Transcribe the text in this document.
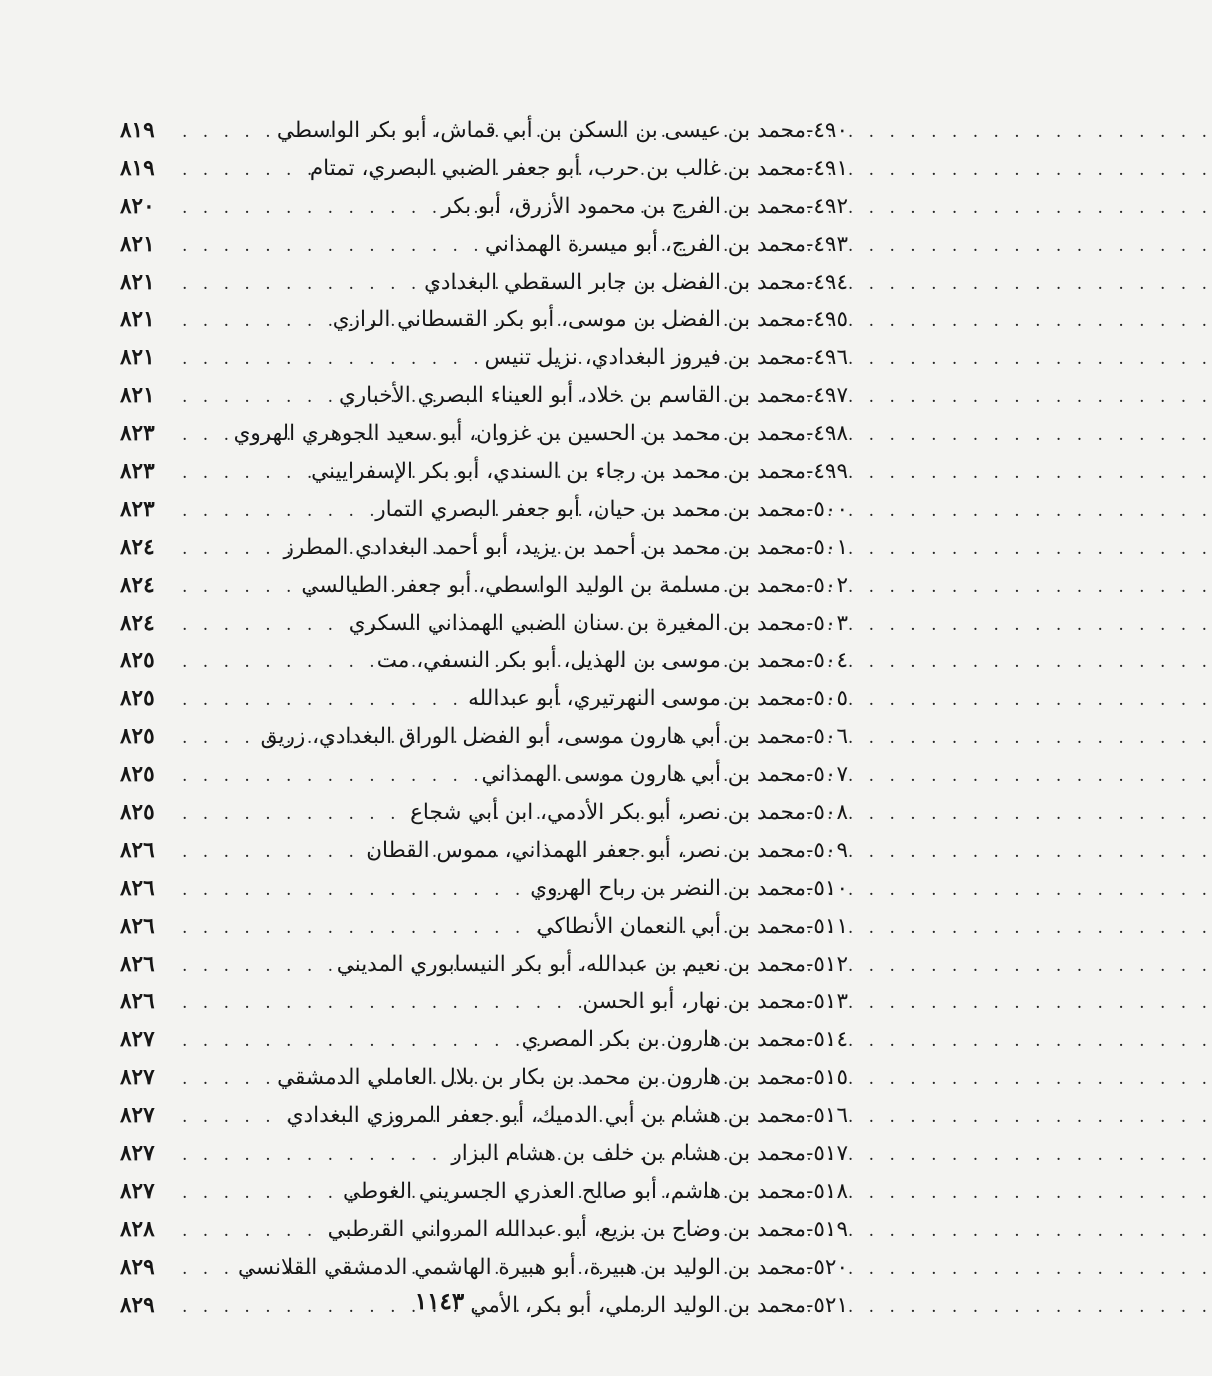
٤٩٠-
محمد بن عيسى بن السكن بن أبي قماش، أبو بكر الواسطي
. . .
٨١٩
٤٩١-
محمد بن غالب بن حرب، أبو جعفر الضبي البصري، تمتام
. . .
٨١٩
٤٩٢-
محمد بن الفرج بن محمود الأزرق، أبو بكر
. . .
٨٢٠
٤٩٣-
محمد بن الفرج، أبو ميسرة الهمذاني
. . .
٨٢١
٤٩٤-
محمد بن الفضل بن جابر السقطي البغدادي
. . .
٨٢١
٤٩٥-
محمد بن الفضل بن موسى، أبو بكر القسطاني الرازي
. . .
٨٢١
٤٩٦-
محمد بن فيروز البغدادي، نزيل تنيس
. . .
٨٢١
٤٩٧-
محمد بن القاسم بن خلاد، أبو العيناء البصري الأخباري
. . .
٨٢١
٤٩٨-
محمد بن محمد بن الحسين بن غزوان، أبو سعيد الجوهري الهروي
. . .
٨٢٣
٤٩٩-
محمد بن محمد بن رجاء بن السندي، أبو بكر الإسفراييني
. . .
٨٢٣
٥٠٠-
محمد بن محمد بن حيان، أبو جعفر البصري التمار
. . .
٨٢٣
٥٠١-
محمد بن محمد بن أحمد بن يزيد، أبو أحمد البغدادي المطرز
. . .
٨٢٤
٥٠٢-
محمد بن مسلمة بن الوليد الواسطي، أبو جعفر الطيالسي
. . .
٨٢٤
٥٠٣-
محمد بن المغيرة بن سنان الضبي الهمذاني السكري
. . .
٨٢٤
٥٠٤-
محمد بن موسى بن الهذيل، أبو بكر النسفي، مت
. . .
٨٢٥
٥٠٥-
محمد بن موسى النهرتيري، أبو عبدالله
. . .
٨٢٥
٥٠٦-
محمد بن أبي هارون موسى، أبو الفضل الوراق البغدادي، زريق
. . .
٨٢٥
٥٠٧-
محمد بن أبي هارون موسى الهمذاني
. . .
٨٢٥
٥٠٨-
محمد بن نصر، أبو بكر الأدمي، ابن أبي شجاع
. . .
٨٢٥
٥٠٩-
محمد بن نصر، أبو جعفر الهمذاني، مموس القطان
. . .
٨٢٦
٥١٠-
محمد بن النضر بن رباح الهروي
. . .
٨٢٦
٥١١-
محمد بن أبي النعمان الأنطاكي
. . .
٨٢٦
٥١٢-
محمد بن نعيم بن عبدالله، أبو بكر النيسابوري المديني
. . .
٨٢٦
٥١٣-
محمد بن نهار، أبو الحسن
. . .
٨٢٦
٥١٤-
محمد بن هارون بن بكر المصري
. . .
٨٢٧
٥١٥-
محمد بن هارون بن محمد بن بكار بن بلال العاملي الدمشقي
. . .
٨٢٧
٥١٦-
محمد بن هشام بن أبي الدميك، أبو جعفر المروزي البغدادي
. . .
٨٢٧
٥١٧-
محمد بن هشام بن خلف بن هشام البزار
. . .
٨٢٧
٥١٨-
محمد بن هاشم، أبو صالح العذري الجسريني الغوطي
. . .
٨٢٧
٥١٩-
محمد بن وضاح بن بزيع، أبو عبدالله المرواني القرطبي
. . .
٨٢٨
٥٢٠-
محمد بن الوليد بن هبيرة، أبو هبيرة الهاشمي الدمشقي القلانسي
. . .
٨٢٩
٥٢١-
محمد بن الوليد الرملي، أبو بكر، الأمي
. . .
٨٢٩	١١٤٣
